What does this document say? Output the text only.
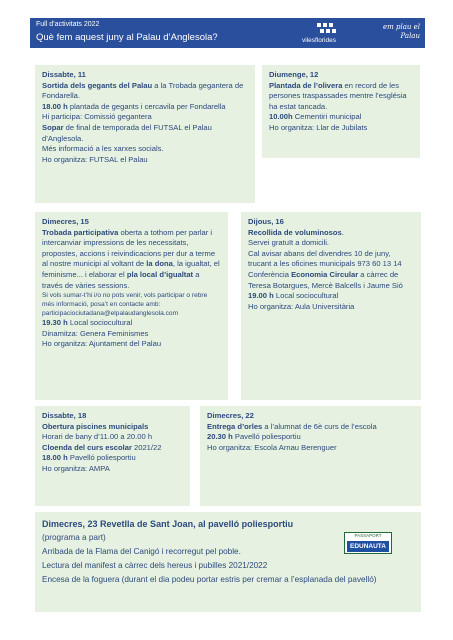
Full d’activitats 2022
Què fem aquest juny al Palau d’Anglesola?	vilesflorides
em plau el Palau

Dissabte, 11

Sortida dels gegants del Palau a la Trobada gegantera de Fondarella.

18.00 h plantada de gegants i cercavila per Fondarella

Hi participa: Comissió gegantera

Sopar de final de temporada del FUTSAL el Palau d’Anglesola.

Més informació a les xarxes socials.

Ho organitza: FUTSAL el Palau

Diumenge, 12

Plantada de l’olivera en record de les persones traspassades mentre l’església ha estat tancada.

10.00h Cementiri municipal

Ho organitza: Llar de Jubilats

Dimecres, 15

Trobada participativa oberta a tothom per parlar i intercanviar impressions de les necessitats, propostes, accions i reivindicacions per dur a terme al nostre municipi al voltant de la dona, la igualtat, el feminisme... i elaborar el pla local d’igualtat a través de vàries sessions.

Si vols sumar-t’hi i/o no pots venir, vols participar o rebre més informació, posa’t en contacte amb: participaciociutadana@elpalaudanglesola.com

19.30 h Local sociocultural

Dinamitza: Genera Feminismes

Ho organitza: Ajuntament del Palau

Dijous, 16

Recollida de voluminosos.

Servei gratuït a domicili.

Cal avisar abans del divendres 10 de juny, trucant a les oficines municipals 973 60 13 14

Conferència Economia Circular a càrrec de Teresa Botargues, Mercè Balcells i Jaume Sió

19.00 h Local sociocultural

Ho organitza: Aula Universitària

Dissabte, 18

Obertura piscines municipals

Horari de bany d’11.00 a 20.00 h

Cloenda del curs escolar 2021/22

18.00 h Pavelló poliesportiu

Ho organitza: AMPA

Dimecres, 22

Entrega d’orles a l’alumnat de 6è curs de l’escola

20.30 h Pavelló poliesportiu

Ho organitza: Escola Arnau Berenguer

Dimecres, 23 Revetlla de Sant Joan, al pavelló poliesportiu

(programa a part)

Arribada de la Flama del Canigó i recorregut pel poble.

Lectura del manifest a càrrec dels hereus i pubilles 2021/2022

Encesa de la foguera (durant el dia podeu portar estris per cremar a l’esplanada del pavelló)

PASSAPORT
EDUNAUTA
